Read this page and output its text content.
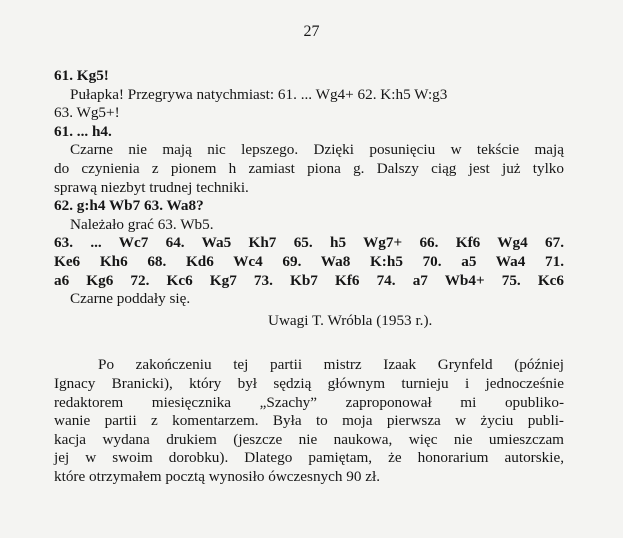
27
61. Kg5!
Pułapka! Przegrywa natychmiast: 61. ... Wg4+ 62. K:h5 W:g3
63. Wg5+!
61. ... h4.
Czarne nie mają nic lepszego. Dzięki posunięciu w tekście mają
do czynienia z pionem h zamiast piona g. Dalszy ciąg jest już tylko
sprawą niezbyt trudnej techniki.
62. g:h4 Wb7 63. Wa8?
Należało grać 63. Wb5.
63. ... Wc7 64. Wa5 Kh7 65. h5 Wg7+ 66. Kf6 Wg4 67.
Ke6 Kh6 68. Kd6 Wc4 69. Wa8 K:h5 70. a5 Wa4 71.
a6 Kg6 72. Kc6 Kg7 73. Kb7 Kf6 74. a7 Wb4+ 75. Kc6
Czarne poddały się.
Uwagi T. Wróbla (1953 r.).
Po zakończeniu tej partii mistrz Izaak Grynfeld (później
Ignacy Branicki), który był sędzią głównym turnieju i jednocześnie
redaktorem miesięcznika „Szachy” zaproponował mi opubliko-
wanie partii z komentarzem. Była to moja pierwsza w życiu publi-
kacja wydana drukiem (jeszcze nie naukowa, więc nie umieszczam
jej w swoim dorobku). Dlatego pamiętam, że honorarium autorskie,
które otrzymałem pocztą wynosiło ówczesnych 90 zł.
